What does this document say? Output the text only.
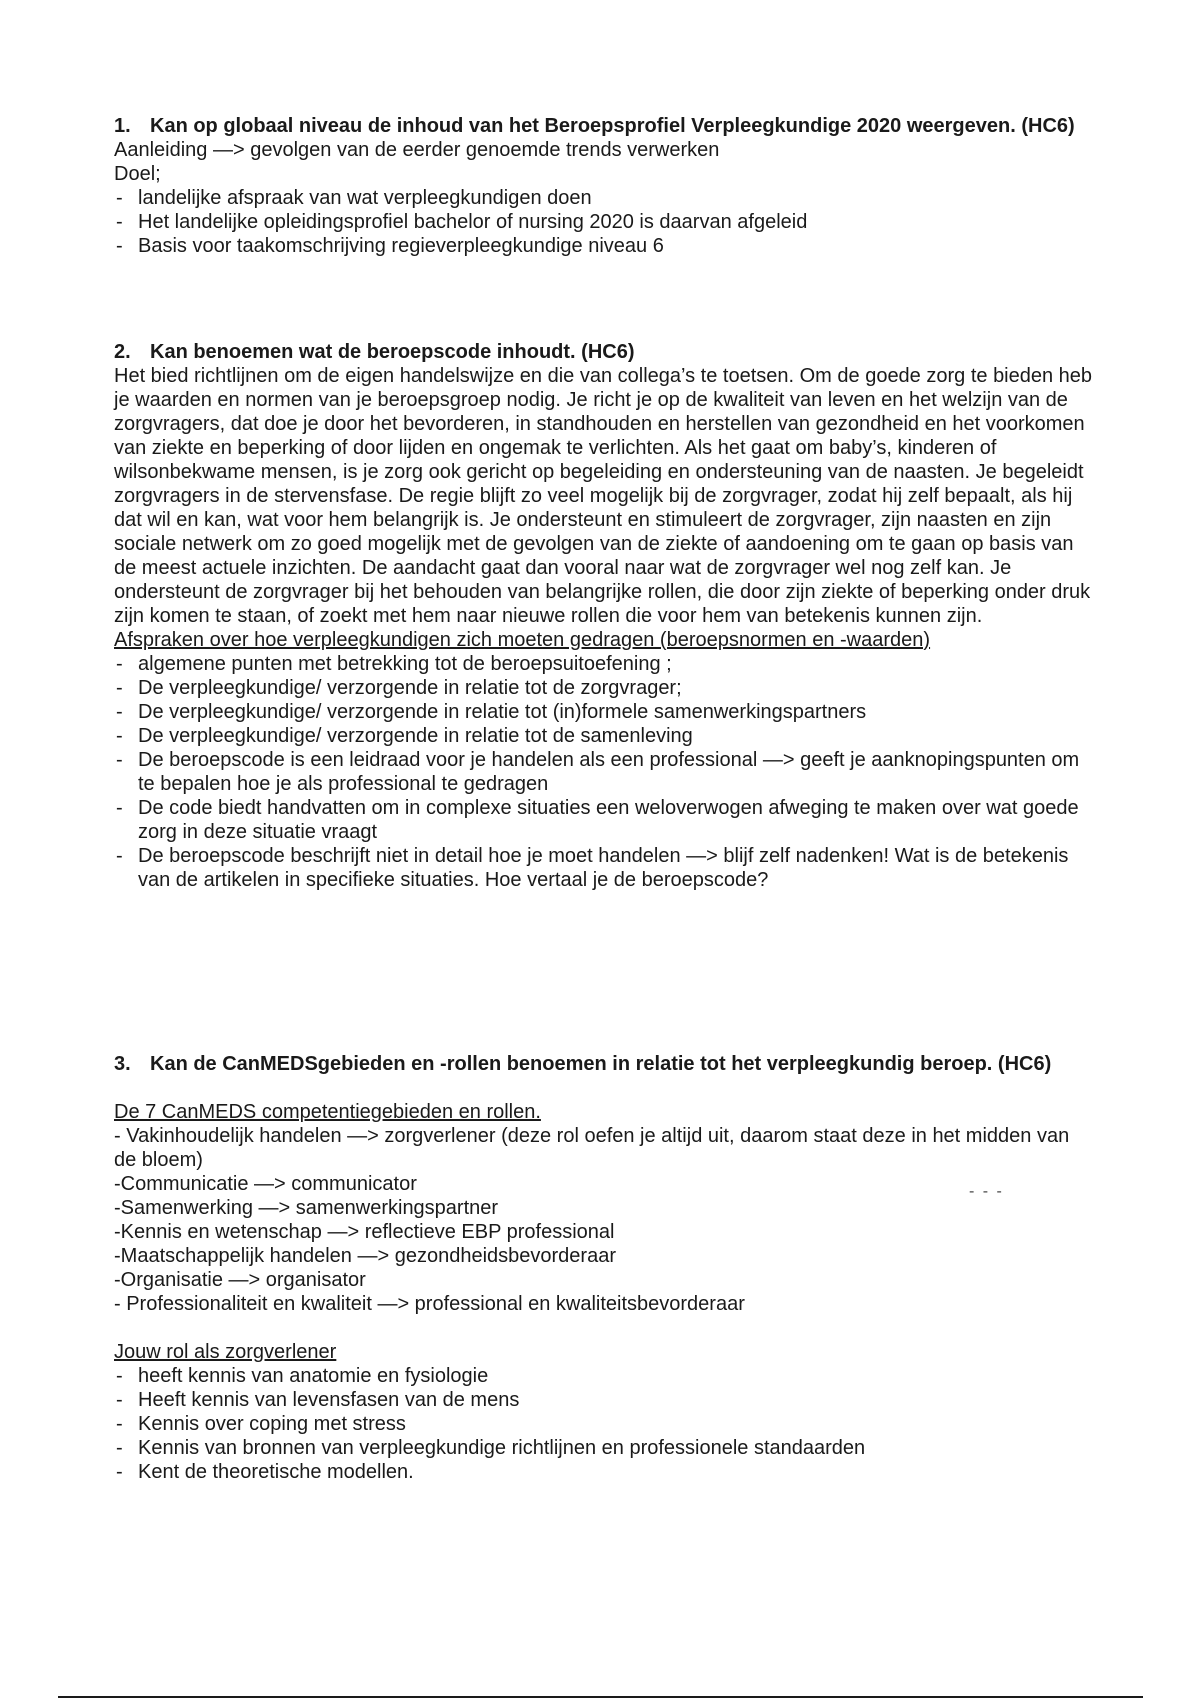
1. Kan op globaal niveau de inhoud van het Beroepsprofiel Verpleegkundige 2020 weergeven. (HC6)

Aanleiding —> gevolgen van de eerder genoemde trends verwerken

Doel;

- landelijke afspraak van wat verpleegkundigen doen
- Het landelijke opleidingsprofiel bachelor of nursing 2020 is daarvan afgeleid
- Basis voor taakomschrijving regieverpleegkundige niveau 6
2. Kan benoemen wat de beroepscode inhoudt. (HC6)

Het bied richtlijnen om de eigen handelswijze en die van collega’s te toetsen. Om de goede zorg te bieden heb je waarden en normen van je beroepsgroep nodig. Je richt je op de kwaliteit van leven en het welzijn van de zorgvragers, dat doe je door het bevorderen, in standhouden en herstellen van gezondheid en het voorkomen van ziekte en beperking of door lijden en ongemak te verlichten. Als het gaat om baby’s, kinderen of wilsonbekwame mensen, is je zorg ook gericht op begeleiding en ondersteuning van de naasten. Je begeleidt zorgvragers in de stervensfase. De regie blijft zo veel mogelijk bij de zorgvrager, zodat hij zelf bepaalt, als hij dat wil en kan, wat voor hem belangrijk is. Je ondersteunt en stimuleert de zorgvrager, zijn naasten en zijn sociale netwerk om zo goed mogelijk met de gevolgen van de ziekte of aandoening om te gaan op basis van de meest actuele inzichten. De aandacht gaat dan vooral naar wat de zorgvrager wel nog zelf kan. Je ondersteunt de zorgvrager bij het behouden van belangrijke rollen, die door zijn ziekte of beperking onder druk zijn komen te staan, of zoekt met hem naar nieuwe rollen die voor hem van betekenis kunnen zijn.

Afspraken over hoe verpleegkundigen zich moeten gedragen (beroepsnormen en -waarden)

- algemene punten met betrekking tot de beroepsuitoefening ;
- De verpleegkundige/ verzorgende in relatie tot de zorgvrager;
- De verpleegkundige/ verzorgende in relatie tot (in)formele samenwerkingspartners
- De verpleegkundige/ verzorgende in relatie tot de samenleving
- De beroepscode is een leidraad voor je handelen als een professional —> geeft je aanknopingspunten om te bepalen hoe je als professional te gedragen
- De code biedt handvatten om in complexe situaties een weloverwogen afweging te maken over wat goede zorg in deze situatie vraagt
- De beroepscode beschrijft niet in detail hoe je moet handelen —> blijf zelf nadenken! Wat is de betekenis van de artikelen in specifieke situaties. Hoe vertaal je de beroepscode?
3. Kan de CanMEDSgebieden en -rollen benoemen in relatie tot het verpleegkundig beroep. (HC6)

De 7 CanMEDS competentiegebieden en rollen.

- Vakinhoudelijk handelen —> zorgverlener (deze rol oefen je altijd uit, daarom staat deze in het midden van de bloem)

-Communicatie —> communicator

-Samenwerking —> samenwerkingspartner

-Kennis en wetenschap —> reflectieve EBP professional

-Maatschappelijk handelen —> gezondheidsbevorderaar

-Organisatie —> organisator

- Professionaliteit en kwaliteit —> professional en kwaliteitsbevorderaar

Jouw rol als zorgverlener

- heeft kennis van anatomie en fysiologie
- Heeft kennis van levensfasen van de mens
- Kennis over coping met stress
- Kennis van bronnen van verpleegkundige richtlijnen en professionele standaarden
- Kent de theoretische modellen.
- - -
